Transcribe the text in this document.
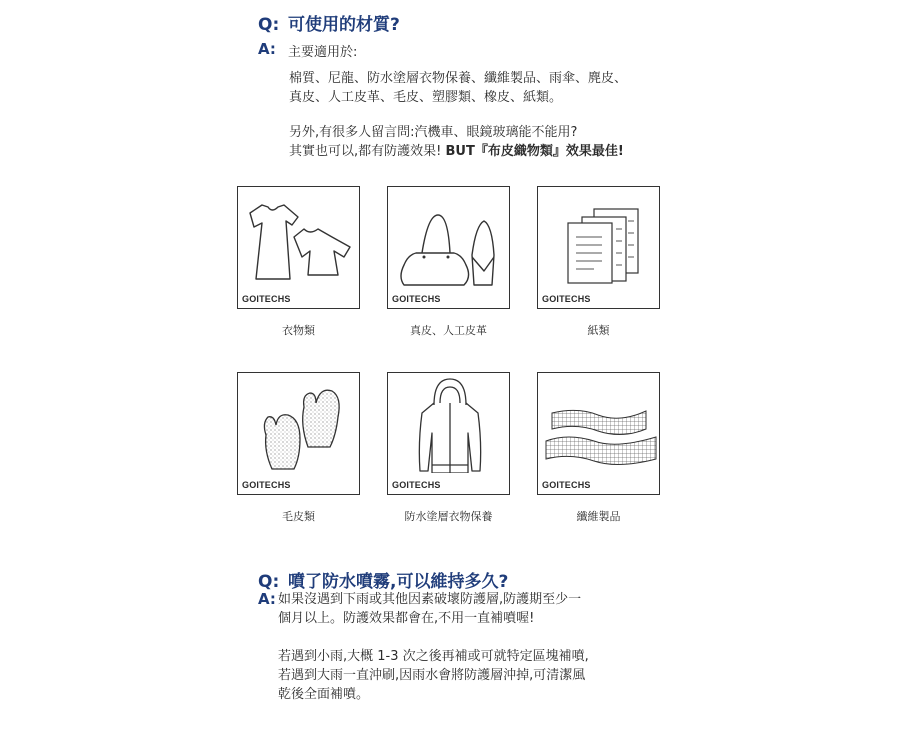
Q: 可使用的材質?
A: 主要適用於:
棉質、尼龍、防水塗層衣物保養、纖維製品、雨傘、麂皮、
真皮、人工皮革、毛皮、塑膠類、橡皮、紙類。
另外,有很多人留言問:汽機車、眼鏡玻璃能不能用?
其實也可以,都有防護效果! BUT『布皮織物類』效果最佳!
GOITECHS
衣物類
GOITECHS
真皮、人工皮革
GOITECHS
紙類
GOITECHS
毛皮類
GOITECHS
防水塗層衣物保養
GOITECHS
纖維製品
Q: 噴了防水噴霧,可以維持多久?
A: 如果沒遇到下雨或其他因素破壞防護層,防護期至少一
個月以上。防護效果都會在,不用一直補噴喔!
若遇到小雨,大概 1-3 次之後再補或可就特定區塊補噴,
若遇到大雨一直沖刷,因雨水會將防護層沖掉,可清潔風
乾後全面補噴。
